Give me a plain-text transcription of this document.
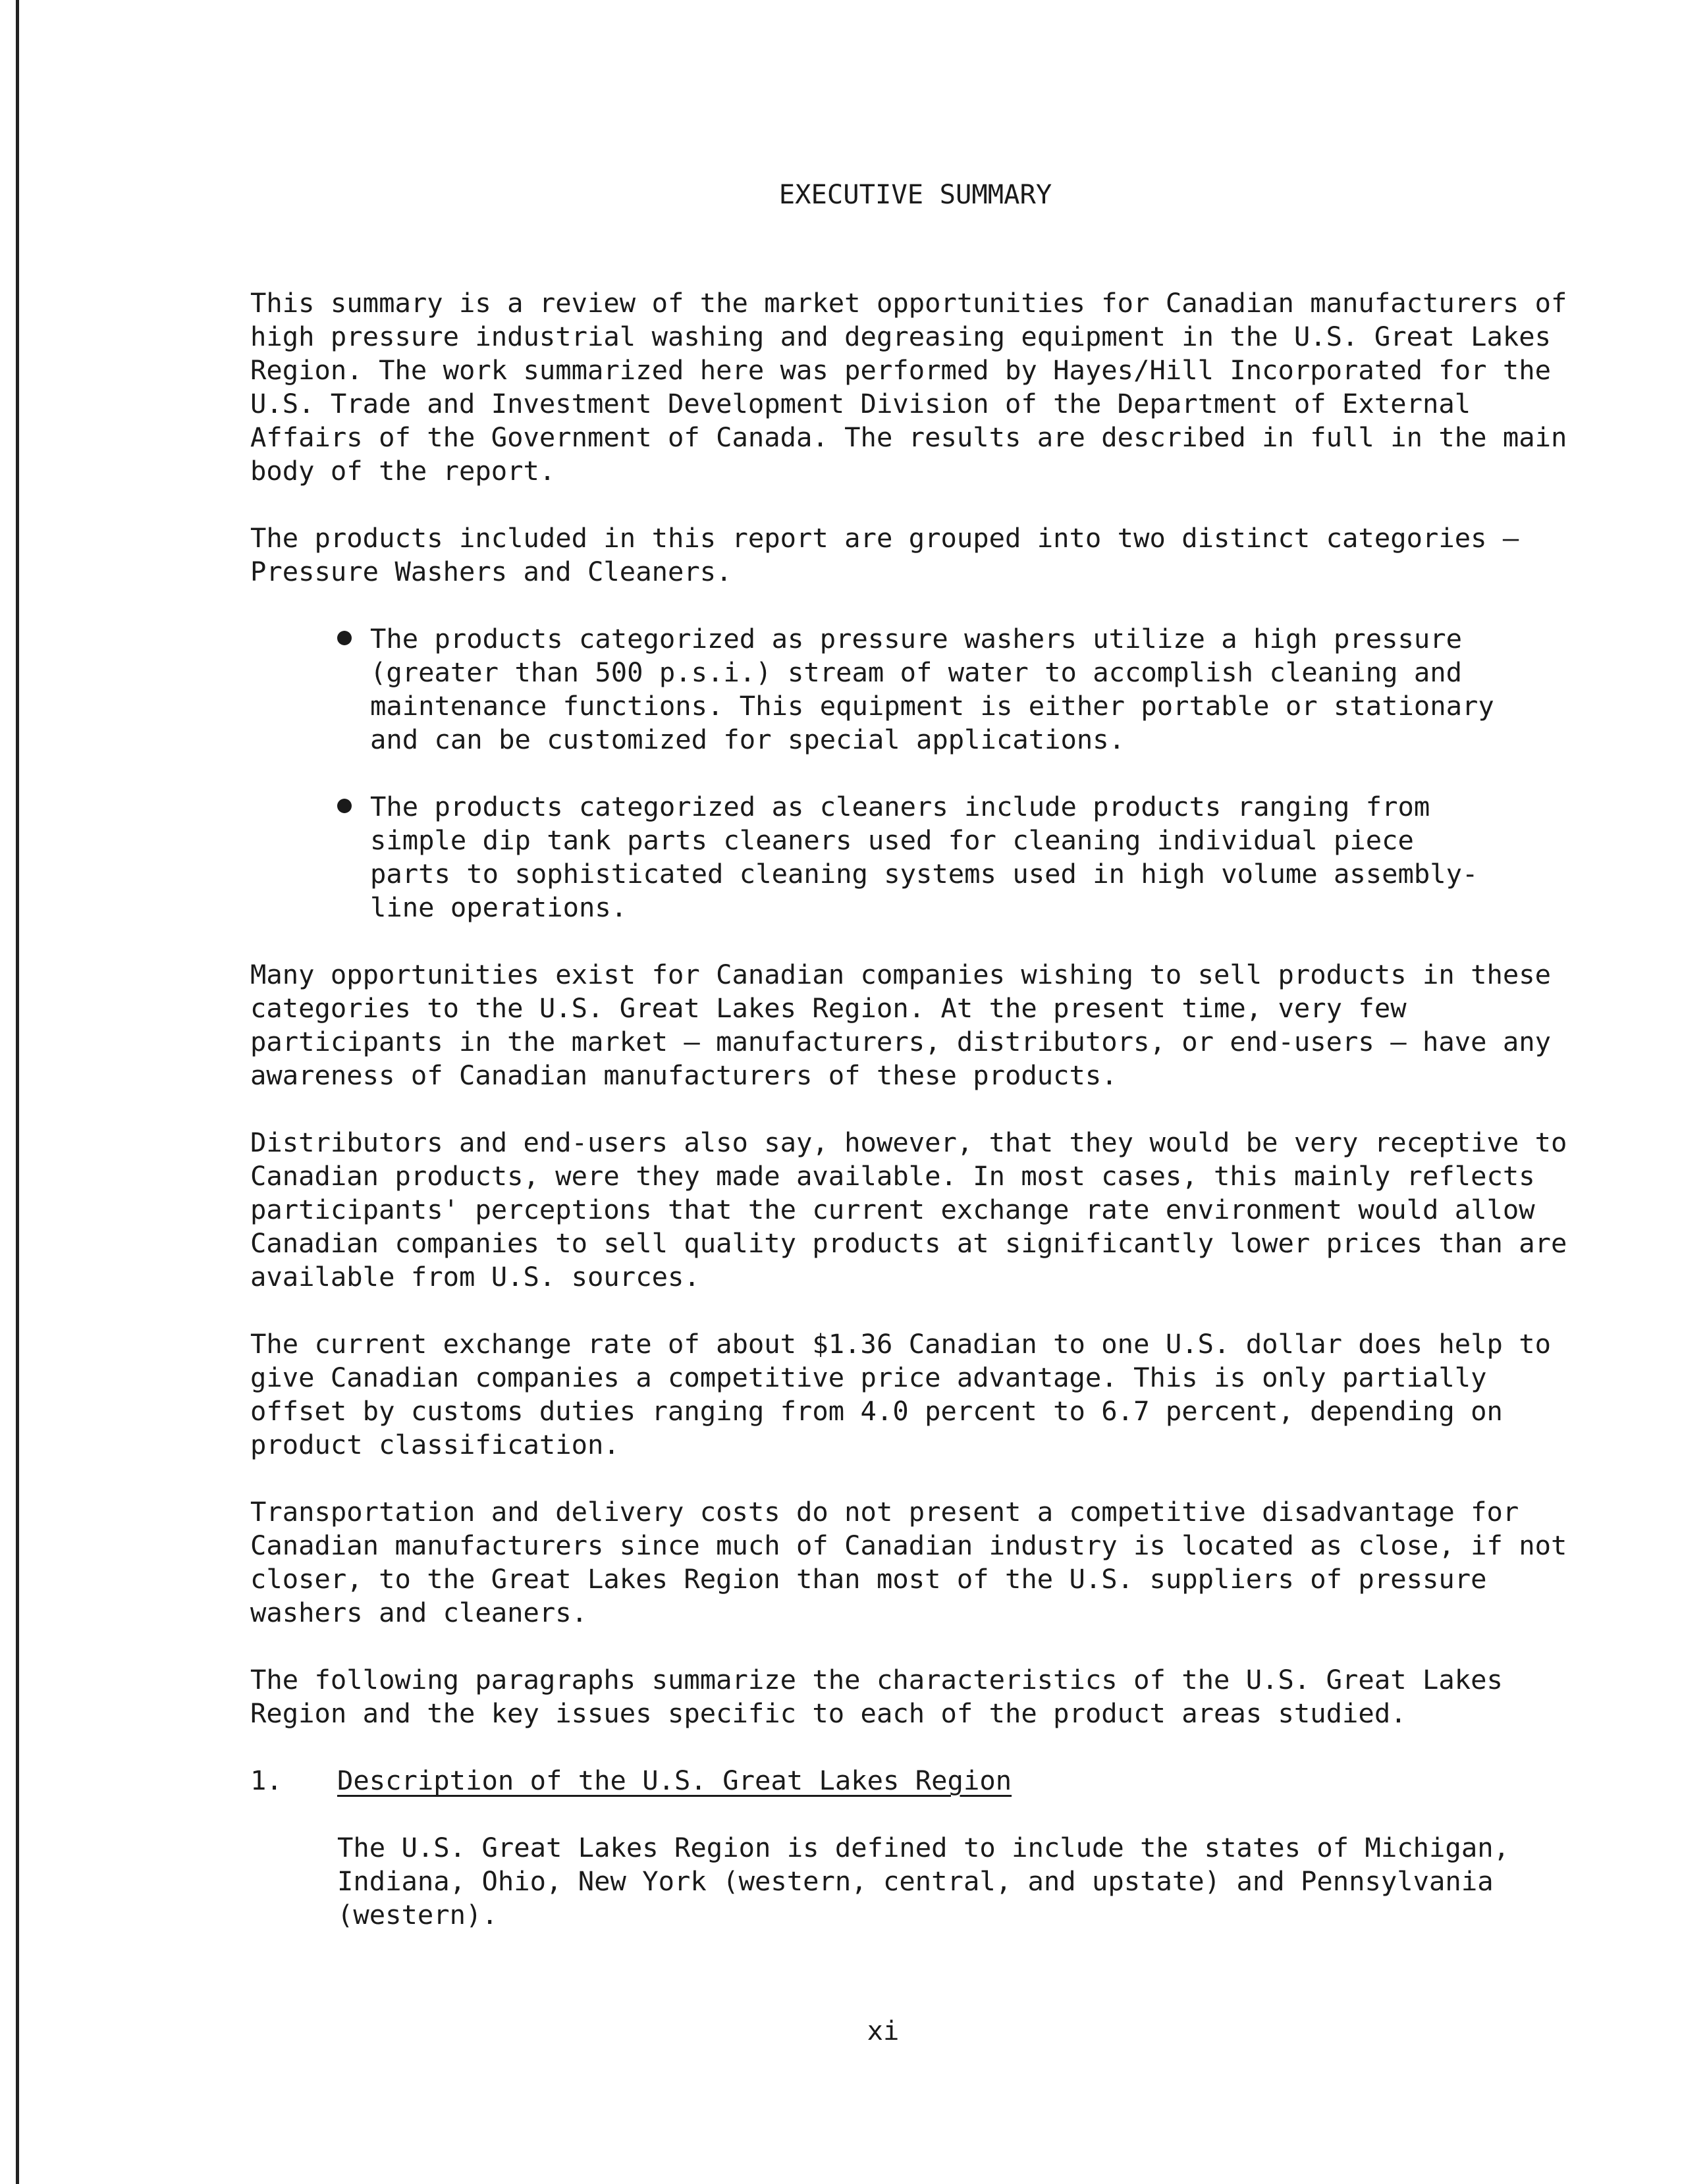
EXECUTIVE SUMMARY

This summary is a review of the market opportunities for Canadian manufacturers of high pressure industrial washing and degreasing equipment in the U.S. Great Lakes Region. The work summarized here was performed by Hayes/Hill Incorporated for the U.S. Trade and Investment Development Division of the Department of External Affairs of the Government of Canada. The results are described in full in the main body of the report.

The products included in this report are grouped into two distinct categories — Pressure Washers and Cleaners.

The products categorized as pressure washers utilize a high pressure (greater than 500 p.s.i.) stream of water to accomplish cleaning and maintenance functions. This equipment is either portable or stationary and can be customized for special applications.
The products categorized as cleaners include products ranging from simple dip tank parts cleaners used for cleaning individual piece parts to sophisticated cleaning systems used in high volume assembly-line operations.

Many opportunities exist for Canadian companies wishing to sell products in these categories to the U.S. Great Lakes Region. At the present time, very few participants in the market — manufacturers, distributors, or end-users — have any awareness of Canadian manufacturers of these products.

Distributors and end-users also say, however, that they would be very receptive to Canadian products, were they made available. In most cases, this mainly reflects participants' perceptions that the current exchange rate environment would allow Canadian companies to sell quality products at significantly lower prices than are available from U.S. sources.

The current exchange rate of about $1.36 Canadian to one U.S. dollar does help to give Canadian companies a competitive price advantage. This is only partially offset by customs duties ranging from 4.0 percent to 6.7 percent, depending on product classification.

Transportation and delivery costs do not present a competitive disadvantage for Canadian manufacturers since much of Canadian industry is located as close, if not closer, to the Great Lakes Region than most of the U.S. suppliers of pressure washers and cleaners.

The following paragraphs summarize the characteristics of the U.S. Great Lakes Region and the key issues specific to each of the product areas studied.

1. Description of the U.S. Great Lakes Region

The U.S. Great Lakes Region is defined to include the states of Michigan, Indiana, Ohio, New York (western, central, and upstate) and Pennsylvania (western).

xi
